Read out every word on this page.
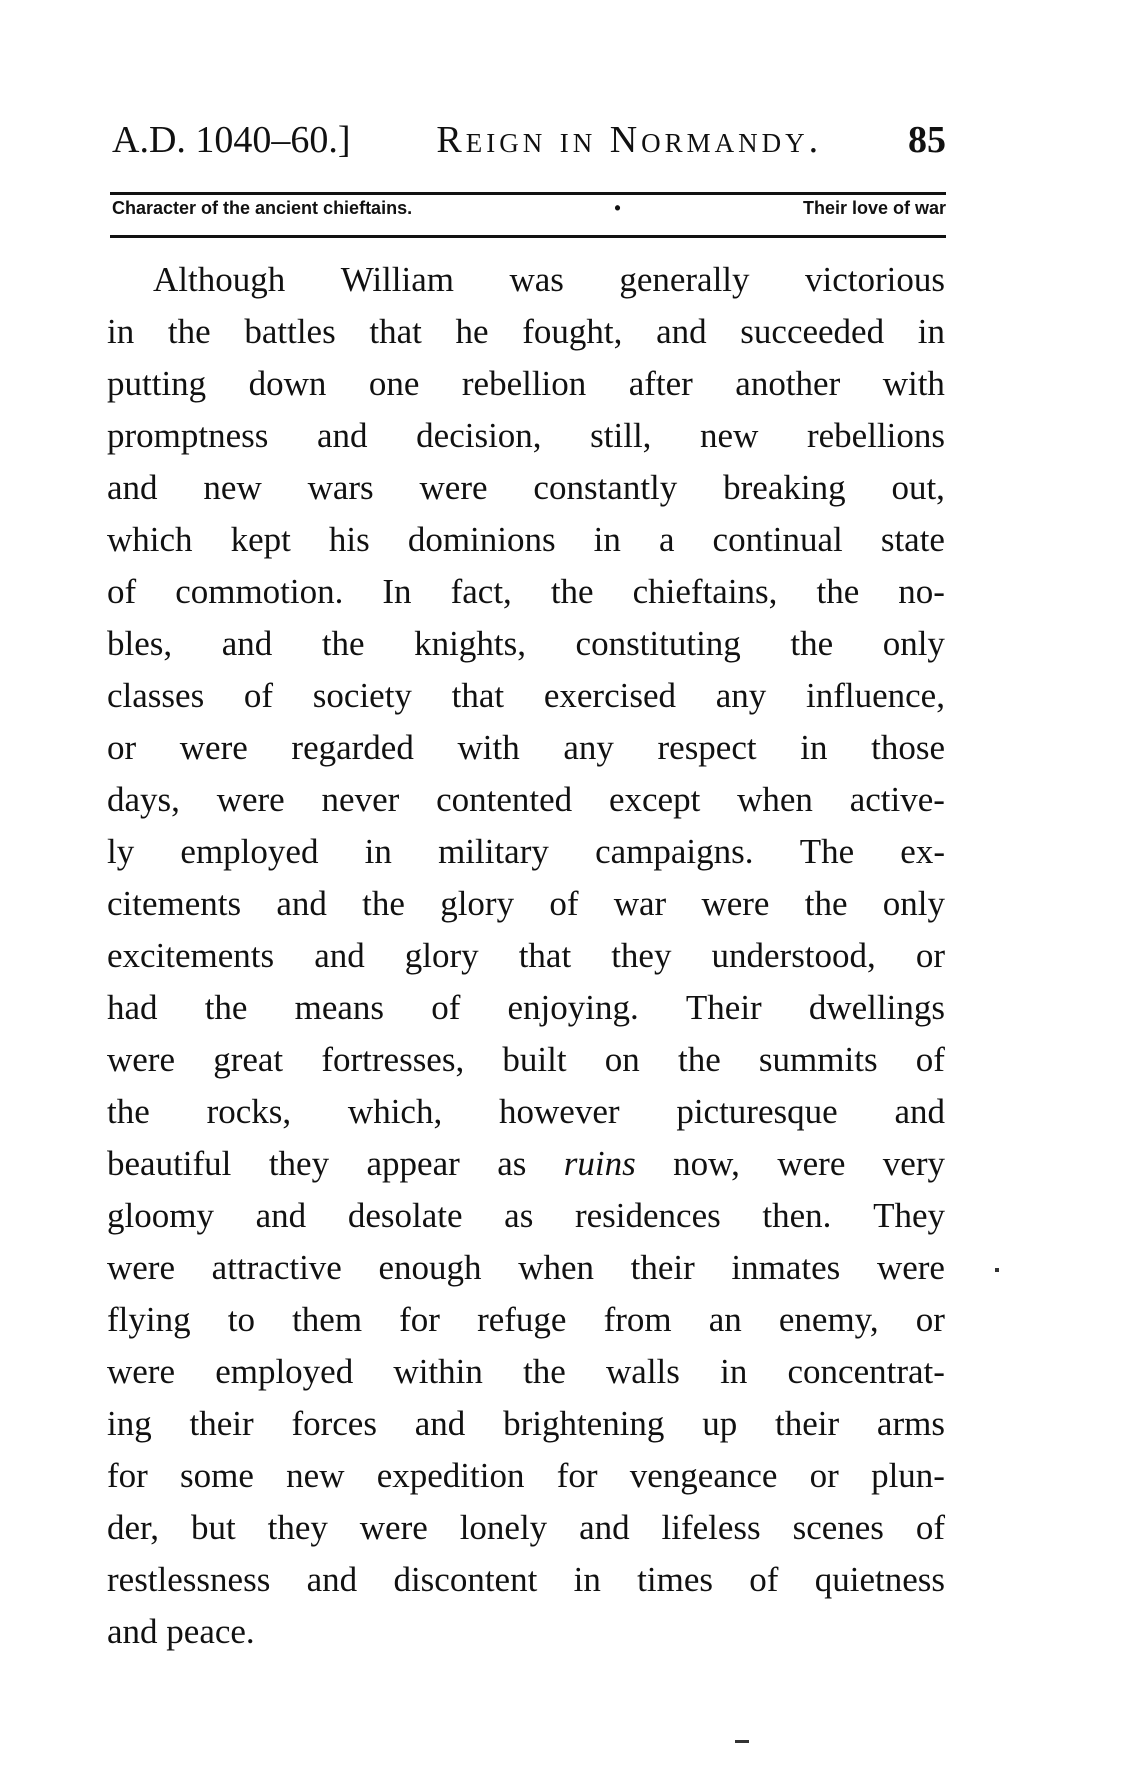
A.D. 1040–60.] Reign in Normandy. 85
Character of the ancient chieftains.	•	Their love of war
Although William was generally victorious
in the battles that he fought, and succeeded in
putting down one rebellion after another with
promptness and decision, still, new rebellions
and new wars were constantly breaking out,
which kept his dominions in a continual state
of commotion. In fact, the chieftains, the no-
bles, and the knights, constituting the only
classes of society that exercised any influence,
or were regarded with any respect in those
days, were never contented except when active-
ly employed in military campaigns. The ex-
citements and the glory of war were the only
excitements and glory that they understood, or
had the means of enjoying. Their dwellings
were great fortresses, built on the summits of
the rocks, which, however picturesque and
beautiful they appear as ruins now, were very
gloomy and desolate as residences then. They
were attractive enough when their inmates were
flying to them for refuge from an enemy, or
were employed within the walls in concentrat-
ing their forces and brightening up their arms
for some new expedition for vengeance or plun-
der, but they were lonely and lifeless scenes of
restlessness and discontent in times of quietness
and peace.
